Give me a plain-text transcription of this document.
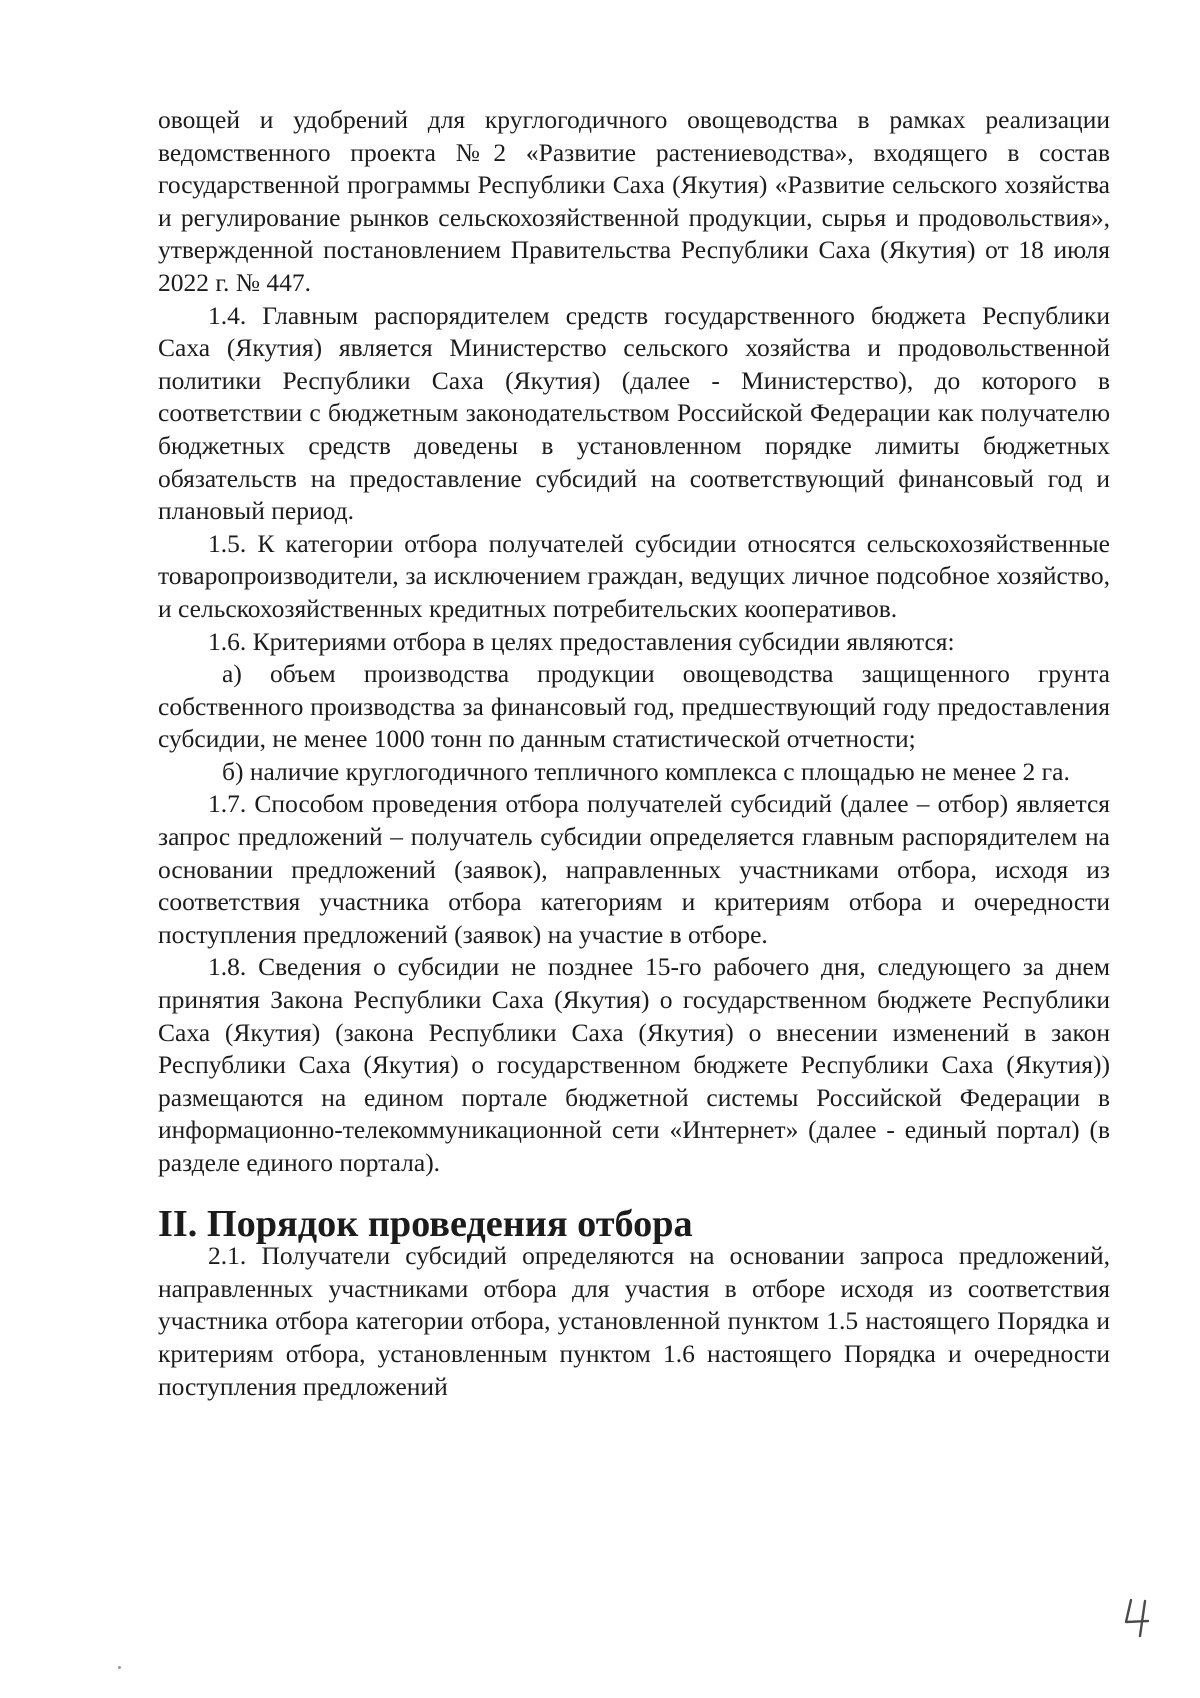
овощей и удобрений для круглогодичного овощеводства в рамках реализации ведомственного проекта №2 «Развитие растениеводства», входящего в состав государственной программы Республики Саха (Якутия) «Развитие сельского хозяйства и регулирование рынков сельскохозяйственной продукции, сырья и продовольствия», утвержденной постановлением Правительства Республики Саха (Якутия) от 18 июля 2022 г. № 447.

1.4. Главным распорядителем средств государственного бюджета Республики Саха (Якутия) является Министерство сельского хозяйства и продовольственной политики Республики Саха (Якутия) (далее - Министерство), до которого в соответствии с бюджетным законодательством Российской Федерации как получателю бюджетных средств доведены в установленном порядке лимиты бюджетных обязательств на предоставление субсидий на соответствующий финансовый год и плановый период.

1.5. К категории отбора получателей субсидии относятся сельскохозяйственные товаропроизводители, за исключением граждан, ведущих личное подсобное хозяйство, и сельскохозяйственных кредитных потребительских кооперативов.

1.6. Критериями отбора в целях предоставления субсидии являются:

а) объем производства продукции овощеводства защищенного грунта собственного производства за финансовый год, предшествующий году предоставления субсидии, не менее 1000 тонн по данным статистической отчетности;

б) наличие круглогодичного тепличного комплекса с площадью не менее 2 га.

1.7. Способом проведения отбора получателей субсидий (далее – отбор) является запрос предложений – получатель субсидии определяется главным распорядителем на основании предложений (заявок), направленных участниками отбора, исходя из соответствия участника отбора категориям и критериям отбора и очередности поступления предложений (заявок) на участие в отборе.

1.8. Сведения о субсидии не позднее 15-го рабочего дня, следующего за днем принятия Закона Республики Саха (Якутия) о государственном бюджете Республики Саха (Якутия) (закона Республики Саха (Якутия) о внесении изменений в закон Республики Саха (Якутия) о государственном бюджете Республики Саха (Якутия)) размещаются на едином портале бюджетной системы Российской Федерации в информационно-телекоммуникационной сети «Интернет» (далее - единый портал) (в разделе единого портала).

II. Порядок проведения отбора

2.1. Получатели субсидий определяются на основании запроса предложений, направленных участниками отбора для участия в отборе исходя из соответствия участника отбора категории отбора, установленной пунктом 1.5 настоящего Порядка и критериям отбора, установленным пунктом 1.6 настоящего Порядка и очередности поступления предложений
